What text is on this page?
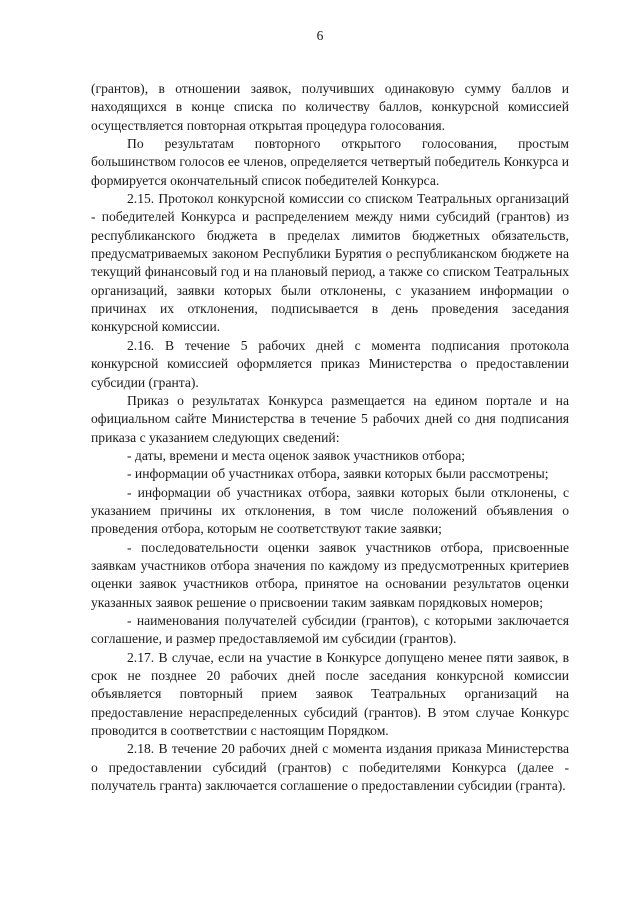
6

(грантов), в отношении заявок, получивших одинаковую сумму баллов и находящихся в конце списка по количеству баллов, конкурсной комиссией осуществляется повторная открытая процедура голосования.

По результатам повторного открытого голосования, простым большинством голосов ее членов, определяется четвертый победитель Конкурса и формируется окончательный список победителей Конкурса.

2.15. Протокол конкурсной комиссии со списком Театральных организаций - победителей Конкурса и распределением между ними субсидий (грантов) из республиканского бюджета в пределах лимитов бюджетных обязательств, предусматриваемых законом Республики Бурятия о республиканском бюджете на текущий финансовый год и на плановый период, а также со списком Театральных организаций, заявки которых были отклонены, с указанием информации о причинах их отклонения, подписывается в день проведения заседания конкурсной комиссии.

2.16. В течение 5 рабочих дней с момента подписания протокола конкурсной комиссией оформляется приказ Министерства о предоставлении субсидии (гранта).

Приказ о результатах Конкурса размещается на едином портале и на официальном сайте Министерства в течение 5 рабочих дней со дня подписания приказа с указанием следующих сведений:

- даты, времени и места оценок заявок участников отбора;

- информации об участниках отбора, заявки которых были рассмотрены;

- информации об участниках отбора, заявки которых были отклонены, с указанием причины их отклонения, в том числе положений объявления о проведения отбора, которым не соответствуют такие заявки;

- последовательности оценки заявок участников отбора, присвоенные заявкам участников отбора значения по каждому из предусмотренных критериев оценки заявок участников отбора, принятое на основании результатов оценки указанных заявок решение о присвоении таким заявкам порядковых номеров;

- наименования получателей субсидии (грантов), с которыми заключается соглашение, и размер предоставляемой им субсидии (грантов).

2.17. В случае, если на участие в Конкурсе допущено менее пяти заявок, в срок не позднее 20 рабочих дней после заседания конкурсной комиссии объявляется повторный прием заявок Театральных организаций на предоставление нераспределенных субсидий (грантов). В этом случае Конкурс проводится в соответствии с настоящим Порядком.

2.18. В течение 20 рабочих дней с момента издания приказа Министерства о предоставлении субсидий (грантов) с победителями Конкурса (далее - получатель гранта) заключается соглашение о предоставлении субсидии (гранта).
